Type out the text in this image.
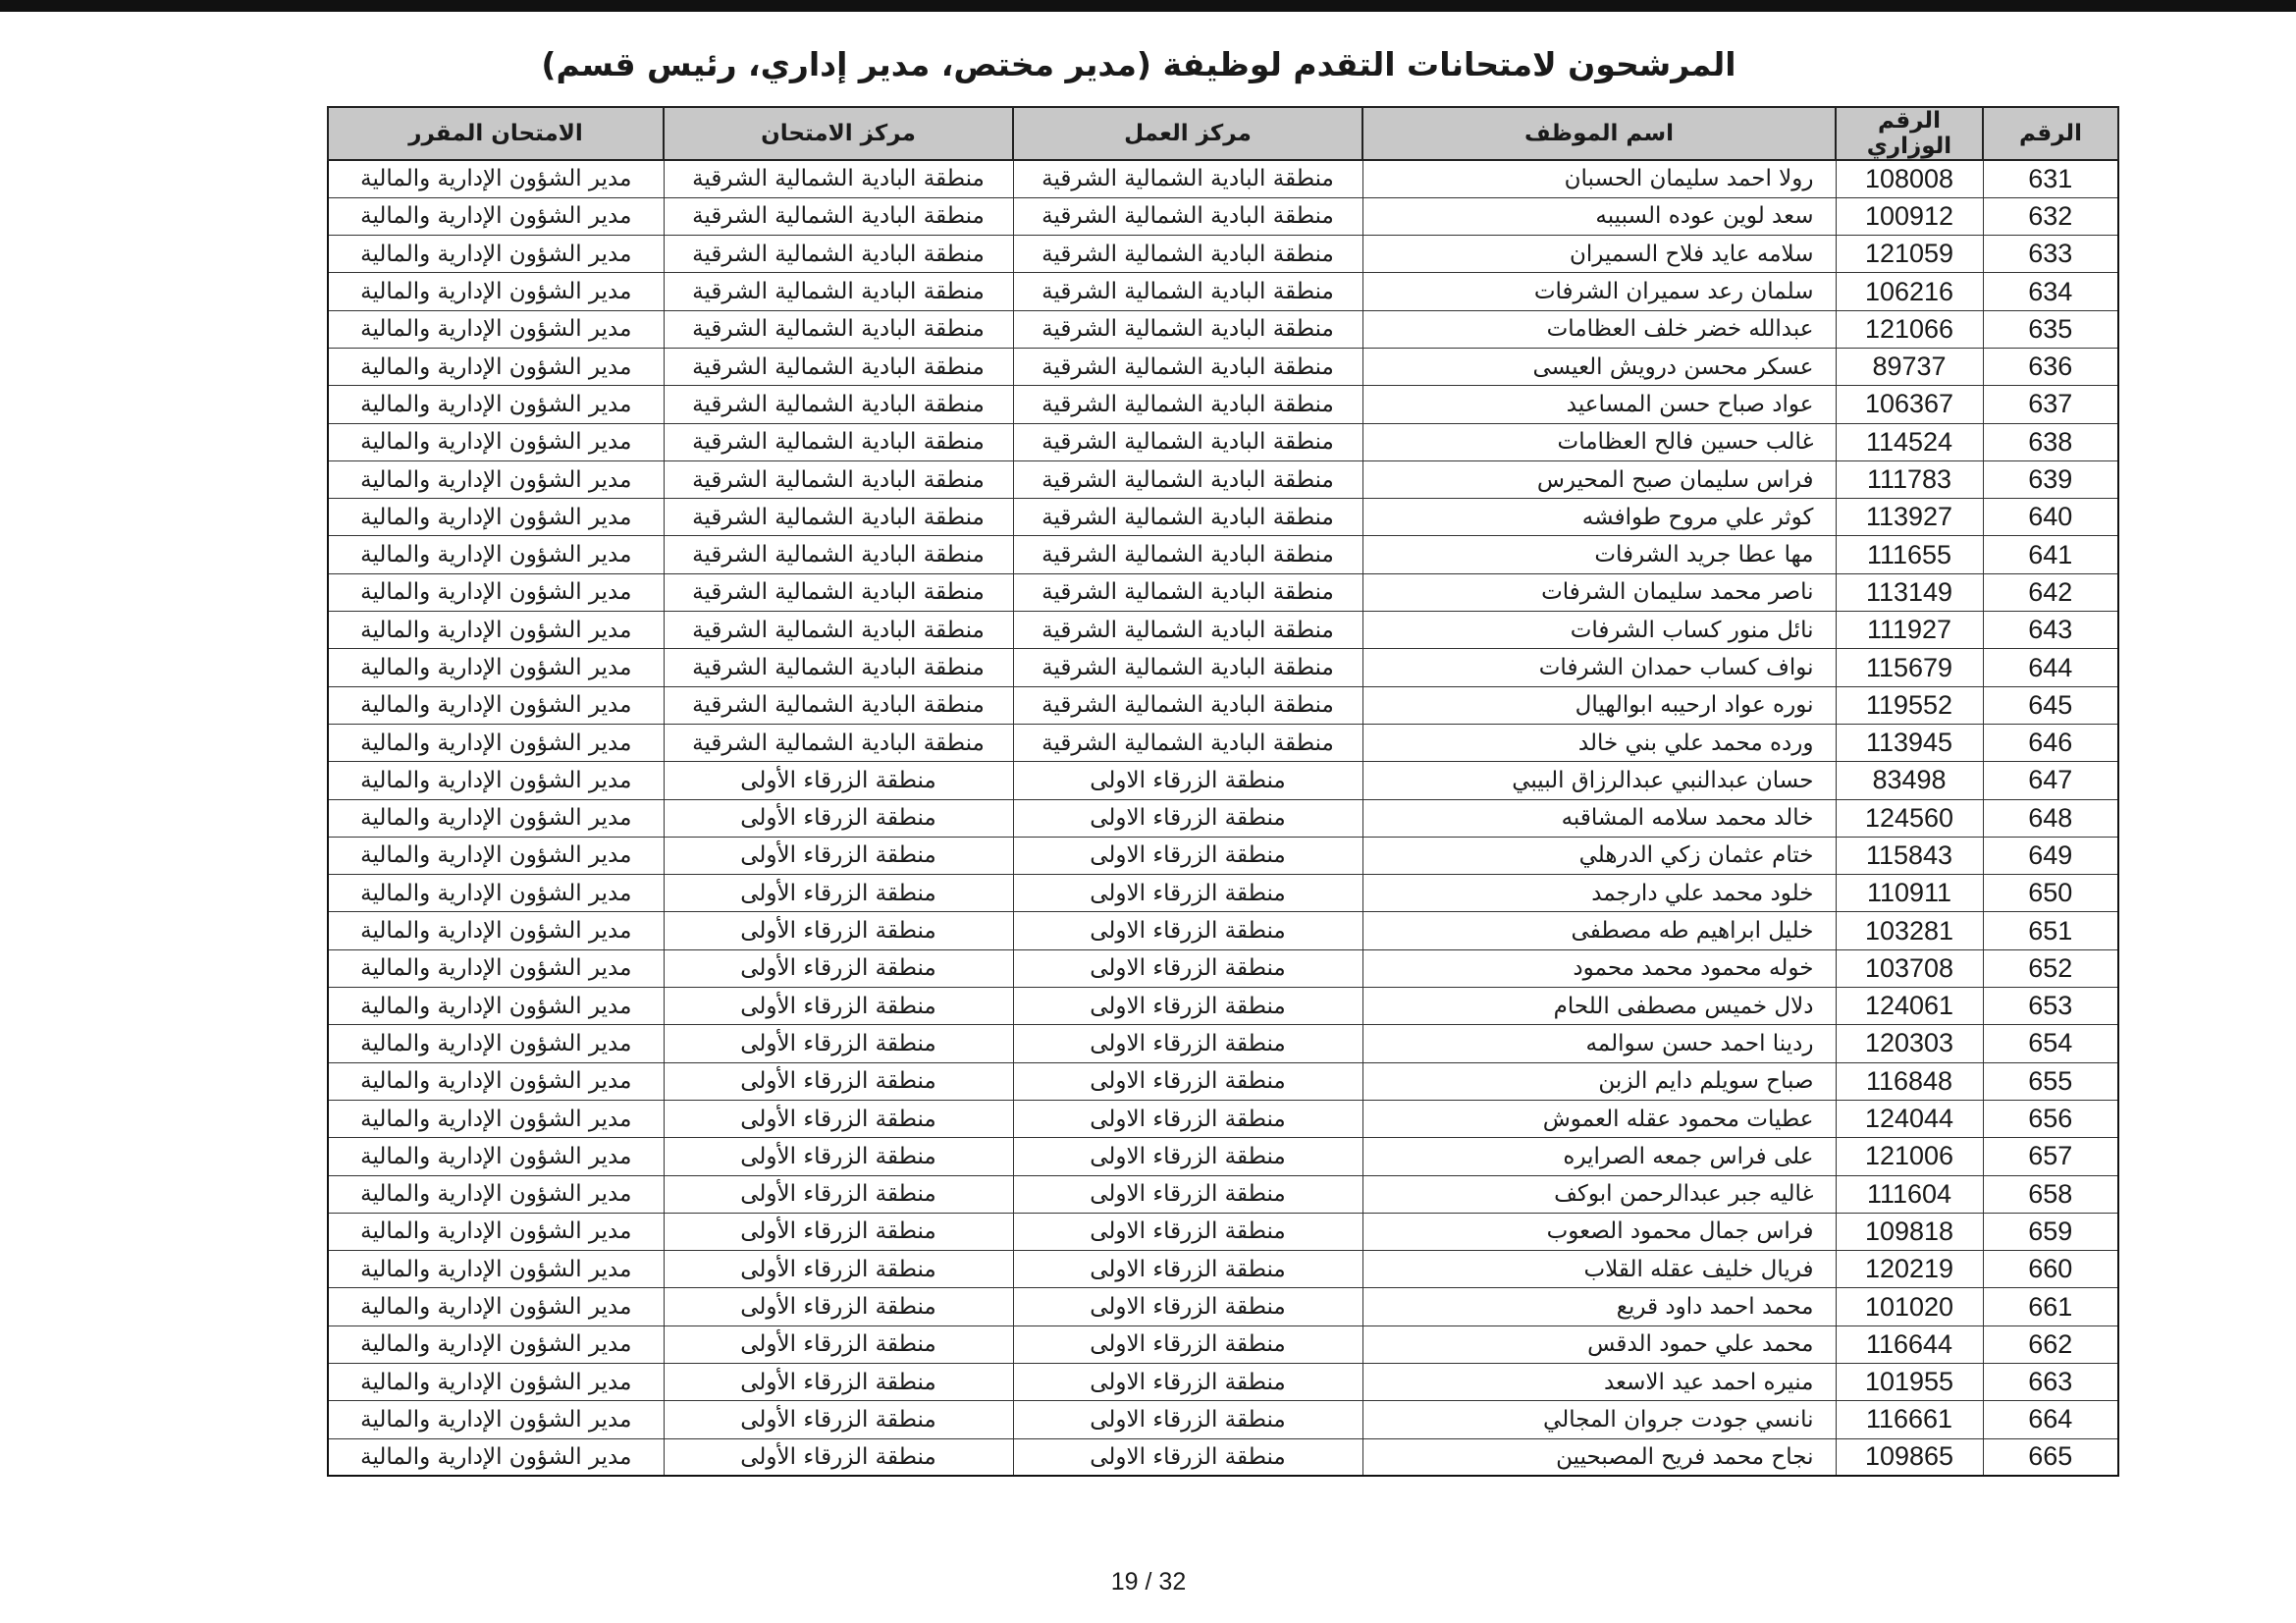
المرشحون لامتحانات التقدم لوظيفة (مدير مختص، مدير إداري، رئيس قسم)
الرقم	الرقم الوزاري	اسم الموظف	مركز العمل	مركز الامتحان	الامتحان المقرر
631	108008	رولا احمد سليمان الحسبان	منطقة البادية الشمالية الشرقية	منطقة البادية الشمالية الشرقية	مدير الشؤون الإدارية والمالية
632	100912	سعد لوين عوده السبيبه	منطقة البادية الشمالية الشرقية	منطقة البادية الشمالية الشرقية	مدير الشؤون الإدارية والمالية
633	121059	سلامه عايد فلاح السميران	منطقة البادية الشمالية الشرقية	منطقة البادية الشمالية الشرقية	مدير الشؤون الإدارية والمالية
634	106216	سلمان رعد سميران الشرفات	منطقة البادية الشمالية الشرقية	منطقة البادية الشمالية الشرقية	مدير الشؤون الإدارية والمالية
635	121066	عبدالله خضر خلف العظامات	منطقة البادية الشمالية الشرقية	منطقة البادية الشمالية الشرقية	مدير الشؤون الإدارية والمالية
636	89737	عسكر محسن درويش العيسى	منطقة البادية الشمالية الشرقية	منطقة البادية الشمالية الشرقية	مدير الشؤون الإدارية والمالية
637	106367	عواد صباح حسن المساعيد	منطقة البادية الشمالية الشرقية	منطقة البادية الشمالية الشرقية	مدير الشؤون الإدارية والمالية
638	114524	غالب حسين فالح العظامات	منطقة البادية الشمالية الشرقية	منطقة البادية الشمالية الشرقية	مدير الشؤون الإدارية والمالية
639	111783	فراس سليمان صبح المحيرس	منطقة البادية الشمالية الشرقية	منطقة البادية الشمالية الشرقية	مدير الشؤون الإدارية والمالية
640	113927	كوثر علي مروح طوافشه	منطقة البادية الشمالية الشرقية	منطقة البادية الشمالية الشرقية	مدير الشؤون الإدارية والمالية
641	111655	مها عطا جريد الشرفات	منطقة البادية الشمالية الشرقية	منطقة البادية الشمالية الشرقية	مدير الشؤون الإدارية والمالية
642	113149	ناصر محمد سليمان الشرفات	منطقة البادية الشمالية الشرقية	منطقة البادية الشمالية الشرقية	مدير الشؤون الإدارية والمالية
643	111927	نائل منور كساب الشرفات	منطقة البادية الشمالية الشرقية	منطقة البادية الشمالية الشرقية	مدير الشؤون الإدارية والمالية
644	115679	نواف كساب حمدان الشرفات	منطقة البادية الشمالية الشرقية	منطقة البادية الشمالية الشرقية	مدير الشؤون الإدارية والمالية
645	119552	نوره عواد ارحيبه ابوالهيال	منطقة البادية الشمالية الشرقية	منطقة البادية الشمالية الشرقية	مدير الشؤون الإدارية والمالية
646	113945	ورده محمد علي بني خالد	منطقة البادية الشمالية الشرقية	منطقة البادية الشمالية الشرقية	مدير الشؤون الإدارية والمالية
647	83498	حسان عبدالنبي عبدالرزاق البيبي	منطقة الزرقاء الاولى	منطقة الزرقاء الأولى	مدير الشؤون الإدارية والمالية
648	124560	خالد محمد سلامه المشاقبه	منطقة الزرقاء الاولى	منطقة الزرقاء الأولى	مدير الشؤون الإدارية والمالية
649	115843	ختام عثمان زكي الدرهلي	منطقة الزرقاء الاولى	منطقة الزرقاء الأولى	مدير الشؤون الإدارية والمالية
650	110911	خلود محمد علي دارجمد	منطقة الزرقاء الاولى	منطقة الزرقاء الأولى	مدير الشؤون الإدارية والمالية
651	103281	خليل ابراهيم طه مصطفى	منطقة الزرقاء الاولى	منطقة الزرقاء الأولى	مدير الشؤون الإدارية والمالية
652	103708	خوله محمود محمد محمود	منطقة الزرقاء الاولى	منطقة الزرقاء الأولى	مدير الشؤون الإدارية والمالية
653	124061	دلال خميس مصطفى اللحام	منطقة الزرقاء الاولى	منطقة الزرقاء الأولى	مدير الشؤون الإدارية والمالية
654	120303	ردينا احمد حسن سوالمه	منطقة الزرقاء الاولى	منطقة الزرقاء الأولى	مدير الشؤون الإدارية والمالية
655	116848	صباح سويلم دايم الزبن	منطقة الزرقاء الاولى	منطقة الزرقاء الأولى	مدير الشؤون الإدارية والمالية
656	124044	عطيات محمود عقله العموش	منطقة الزرقاء الاولى	منطقة الزرقاء الأولى	مدير الشؤون الإدارية والمالية
657	121006	على فراس جمعه الصرايره	منطقة الزرقاء الاولى	منطقة الزرقاء الأولى	مدير الشؤون الإدارية والمالية
658	111604	غاليه جبر عبدالرحمن ابوكف	منطقة الزرقاء الاولى	منطقة الزرقاء الأولى	مدير الشؤون الإدارية والمالية
659	109818	فراس جمال محمود الصعوب	منطقة الزرقاء الاولى	منطقة الزرقاء الأولى	مدير الشؤون الإدارية والمالية
660	120219	فريال خليف عقله القلاب	منطقة الزرقاء الاولى	منطقة الزرقاء الأولى	مدير الشؤون الإدارية والمالية
661	101020	محمد احمد داود قريع	منطقة الزرقاء الاولى	منطقة الزرقاء الأولى	مدير الشؤون الإدارية والمالية
662	116644	محمد علي حمود الدقس	منطقة الزرقاء الاولى	منطقة الزرقاء الأولى	مدير الشؤون الإدارية والمالية
663	101955	منيره احمد عيد الاسعد	منطقة الزرقاء الاولى	منطقة الزرقاء الأولى	مدير الشؤون الإدارية والمالية
664	116661	نانسي جودت جروان المجالي	منطقة الزرقاء الاولى	منطقة الزرقاء الأولى	مدير الشؤون الإدارية والمالية
665	109865	نجاح محمد فريح المصبحيين	منطقة الزرقاء الاولى	منطقة الزرقاء الأولى	مدير الشؤون الإدارية والمالية
19 / 32
